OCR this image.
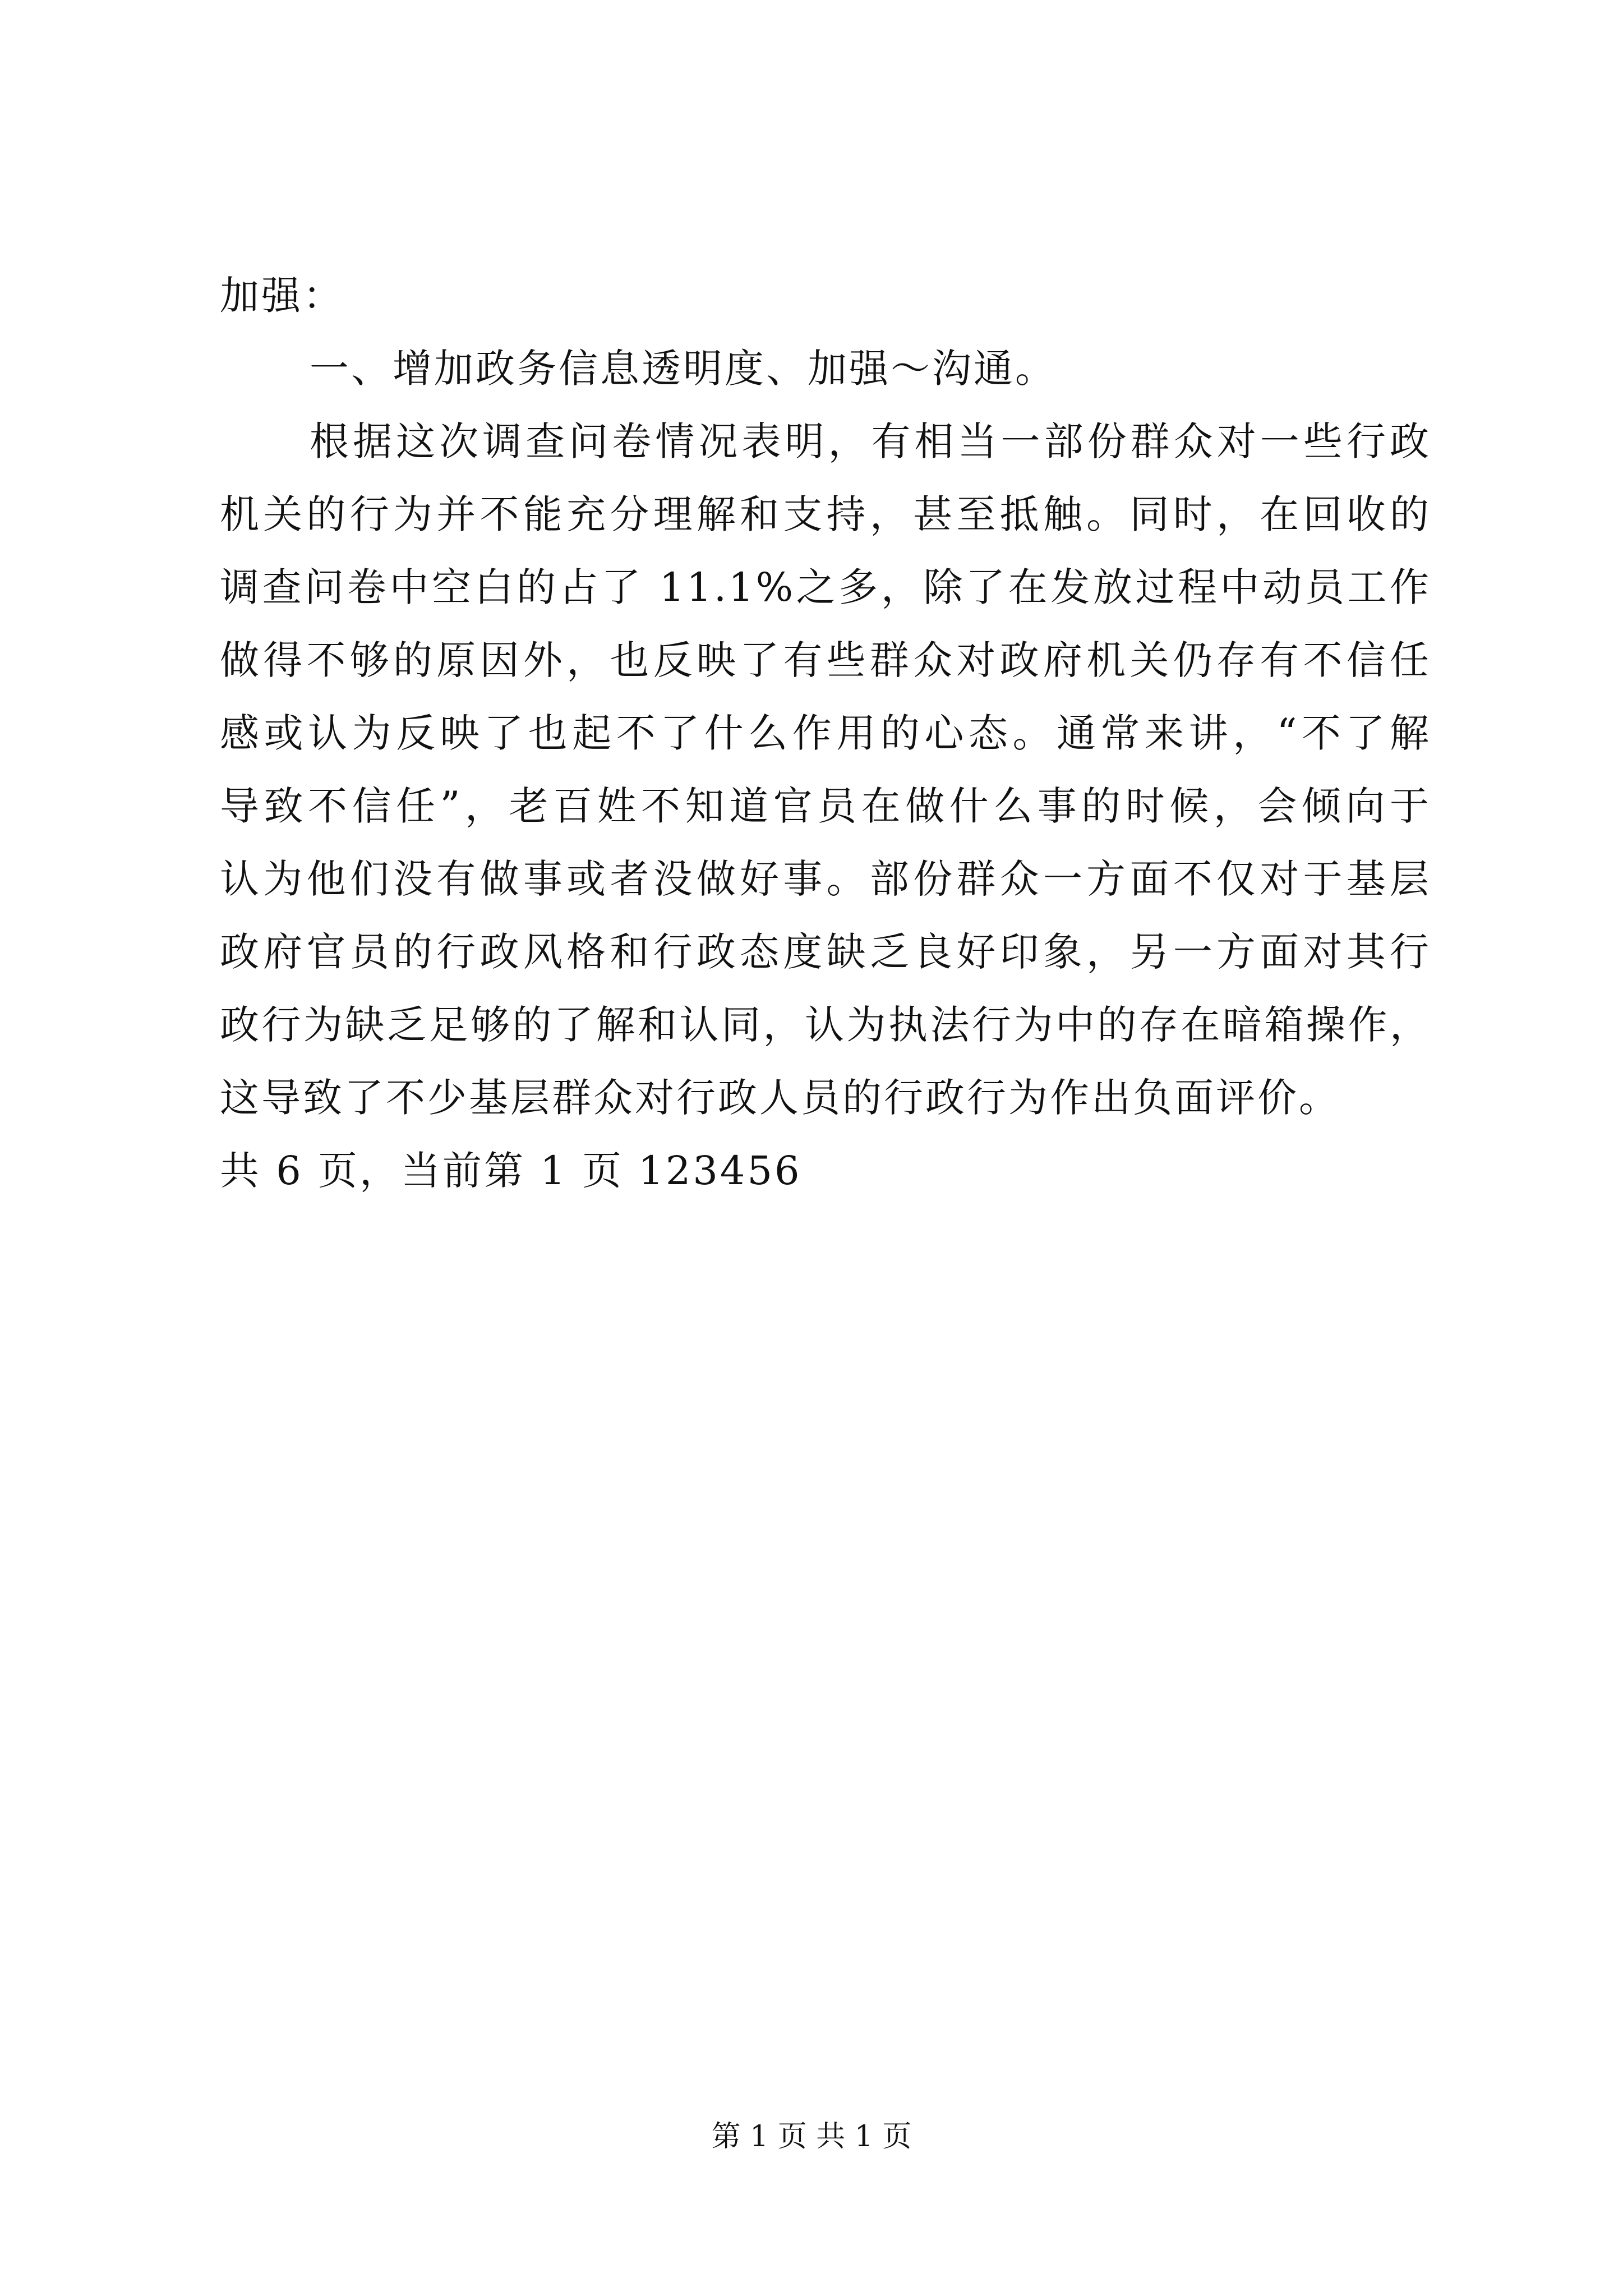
加强：
一、增加政务信息透明度、加强～沟通。
根据这次调查问卷情况表明，有相当一部份群众对一些行政
机关的行为并不能充分理解和支持，甚至抵触。同时，在回收的
调查问卷中空白的占了 11.1%之多，除了在发放过程中动员工作
做得不够的原因外，也反映了有些群众对政府机关仍存有不信任
感或认为反映了也起不了什么作用的心态。通常来讲，“不了解
导致不信任”，老百姓不知道官员在做什么事的时候，会倾向于
认为他们没有做事或者没做好事。部份群众一方面不仅对于基层
政府官员的行政风格和行政态度缺乏良好印象，另一方面对其行
政行为缺乏足够的了解和认同，认为执法行为中的存在暗箱操作，
这导致了不少基层群众对行政人员的行政行为作出负面评价。
共 6 页，当前第 1 页 123456
第 1 页 共 1 页
